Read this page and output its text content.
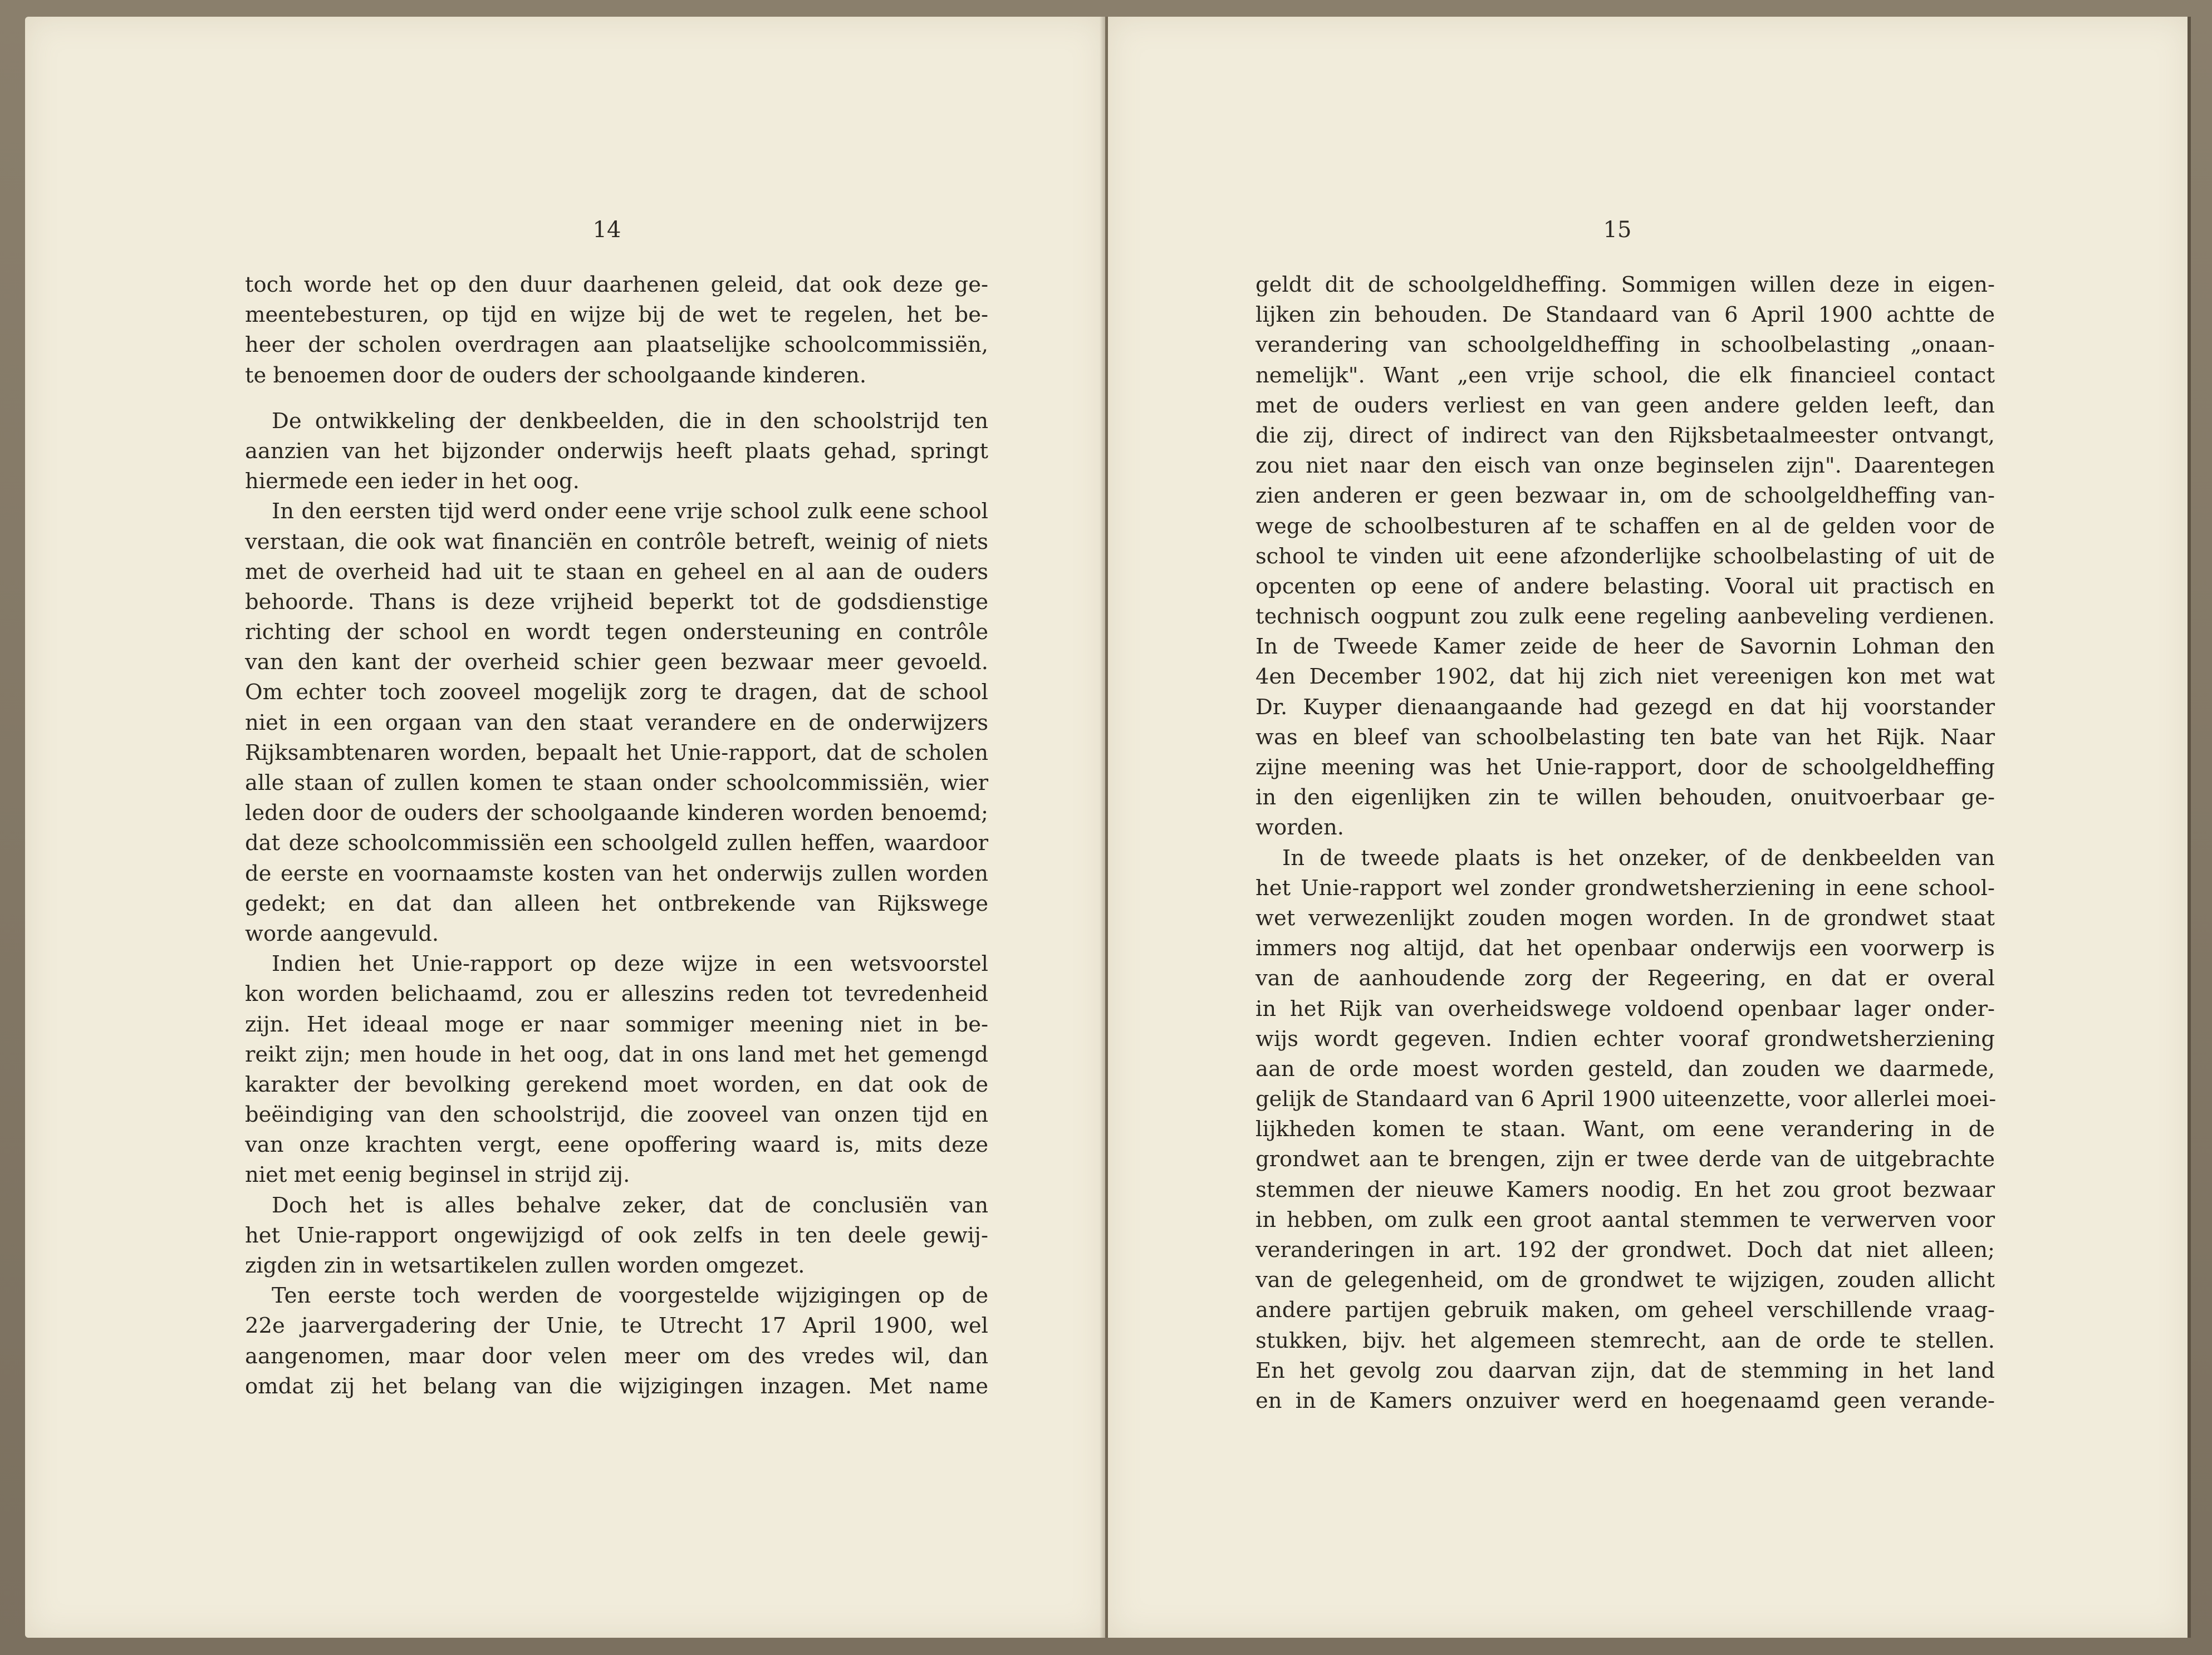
14
toch worde het op den duur daarhenen geleid, dat ook deze ge-
meentebesturen, op tijd en wijze bij de wet te regelen, het be-
heer der scholen overdragen aan plaatselijke schoolcommissiën,
te benoemen door de ouders der schoolgaande kinderen.
De ontwikkeling der denkbeelden, die in den schoolstrijd ten
aanzien van het bijzonder onderwijs heeft plaats gehad, springt
hiermede een ieder in het oog.
In den eersten tijd werd onder eene vrije school zulk eene school
verstaan, die ook wat financiën en contrôle betreft, weinig of niets
met de overheid had uit te staan en geheel en al aan de ouders
behoorde. Thans is deze vrijheid beperkt tot de godsdienstige
richting der school en wordt tegen ondersteuning en contrôle
van den kant der overheid schier geen bezwaar meer gevoeld.
Om echter toch zooveel mogelijk zorg te dragen, dat de school
niet in een orgaan van den staat verandere en de onderwijzers
Rijksambtenaren worden, bepaalt het Unie-rapport, dat de scholen
alle staan of zullen komen te staan onder schoolcommissiën, wier
leden door de ouders der schoolgaande kinderen worden benoemd;
dat deze schoolcommissiën een schoolgeld zullen heffen, waardoor
de eerste en voornaamste kosten van het onderwijs zullen worden
gedekt; en dat dan alleen het ontbrekende van Rijkswege
worde aangevuld.
Indien het Unie-rapport op deze wijze in een wetsvoorstel
kon worden belichaamd, zou er alleszins reden tot tevredenheid
zijn. Het ideaal moge er naar sommiger meening niet in be-
reikt zijn; men houde in het oog, dat in ons land met het gemengd
karakter der bevolking gerekend moet worden, en dat ook de
beëindiging van den schoolstrijd, die zooveel van onzen tijd en
van onze krachten vergt, eene opoffering waard is, mits deze
niet met eenig beginsel in strijd zij.
Doch het is alles behalve zeker, dat de conclusiën van
het Unie-rapport ongewijzigd of ook zelfs in ten deele gewij-
zigden zin in wetsartikelen zullen worden omgezet.
Ten eerste toch werden de voorgestelde wijzigingen op de
22e jaarvergadering der Unie, te Utrecht 17 April 1900, wel
aangenomen, maar door velen meer om des vredes wil, dan
omdat zij het belang van die wijzigingen inzagen. Met name
15
geldt dit de schoolgeldheffing. Sommigen willen deze in eigen-
lijken zin behouden. De Standaard van 6 April 1900 achtte de
verandering van schoolgeldheffing in schoolbelasting „onaan-
nemelijk". Want „een vrije school, die elk financieel contact
met de ouders verliest en van geen andere gelden leeft, dan
die zij, direct of indirect van den Rijksbetaalmeester ontvangt,
zou niet naar den eisch van onze beginselen zijn". Daarentegen
zien anderen er geen bezwaar in, om de schoolgeldheffing van-
wege de schoolbesturen af te schaffen en al de gelden voor de
school te vinden uit eene afzonderlijke schoolbelasting of uit de
opcenten op eene of andere belasting. Vooral uit practisch en
technisch oogpunt zou zulk eene regeling aanbeveling verdienen.
In de Tweede Kamer zeide de heer de Savornin Lohman den
4en December 1902, dat hij zich niet vereenigen kon met wat
Dr. Kuyper dienaangaande had gezegd en dat hij voorstander
was en bleef van schoolbelasting ten bate van het Rijk. Naar
zijne meening was het Unie-rapport, door de schoolgeldheffing
in den eigenlijken zin te willen behouden, onuitvoerbaar ge-
worden.
In de tweede plaats is het onzeker, of de denkbeelden van
het Unie-rapport wel zonder grondwetsherziening in eene school-
wet verwezenlijkt zouden mogen worden. In de grondwet staat
immers nog altijd, dat het openbaar onderwijs een voorwerp is
van de aanhoudende zorg der Regeering, en dat er overal
in het Rijk van overheidswege voldoend openbaar lager onder-
wijs wordt gegeven. Indien echter vooraf grondwetsherziening
aan de orde moest worden gesteld, dan zouden we daarmede,
gelijk de Standaard van 6 April 1900 uiteenzette, voor allerlei moei-
lijkheden komen te staan. Want, om eene verandering in de
grondwet aan te brengen, zijn er twee derde van de uitgebrachte
stemmen der nieuwe Kamers noodig. En het zou groot bezwaar
in hebben, om zulk een groot aantal stemmen te verwerven voor
veranderingen in art. 192 der grondwet. Doch dat niet alleen;
van de gelegenheid, om de grondwet te wijzigen, zouden allicht
andere partijen gebruik maken, om geheel verschillende vraag-
stukken, bijv. het algemeen stemrecht, aan de orde te stellen.
En het gevolg zou daarvan zijn, dat de stemming in het land
en in de Kamers onzuiver werd en hoegenaamd geen verande-
